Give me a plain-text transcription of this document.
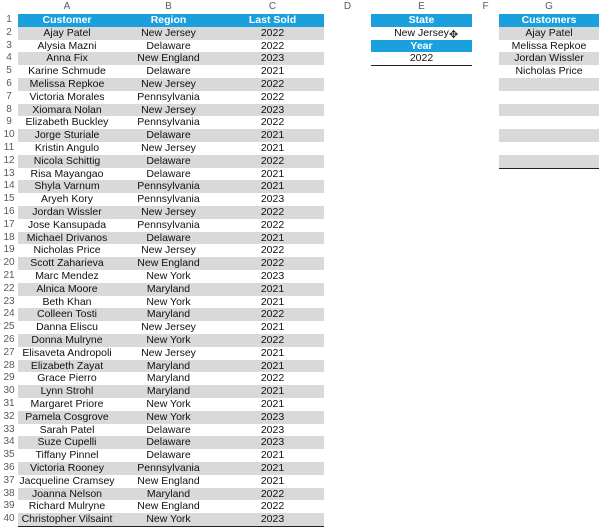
A	B	C	D	E	F	G
1
2
3
4
5
6
7
8
9
10
11
12
13
14
15
16
17
18
19
20
21
22
23
24
25
26
27
28
29
30
31
32
33
34
35
36
37
38
39
40
Customer	Region	Last Sold
Ajay Patel	New Jersey	2022
Alysia Mazni	Delaware	2022
Anna Fix	New England	2023
Karine Schmude	Delaware	2021
Melissa Repkoe	New Jersey	2022
Victoria Morales	Pennsylvania	2022
Xiomara Nolan	New Jersey	2023
Elizabeth Buckley	Pennsylvania	2022
Jorge Sturiale	Delaware	2021
Kristin Angulo	New Jersey	2021
Nicola Schittig	Delaware	2022
Risa Mayangao	Delaware	2021
Shyla Varnum	Pennsylvania	2021
Aryeh Kory	Pennsylvania	2023
Jordan Wissler	New Jersey	2022
Jose Kansupada	Pennsylvania	2022
Michael Drivanos	Delaware	2021
Nicholas Price	New Jersey	2022
Scott Zaharieva	New England	2022
Marc Mendez	New York	2023
Alnica Moore	Maryland	2021
Beth Khan	New York	2021
Colleen Tosti	Maryland	2022
Danna Eliscu	New Jersey	2021
Donna Mulryne	New York	2022
Elisaveta Andropoli	New Jersey	2021
Elizabeth Zayat	Maryland	2021
Grace Pierro	Maryland	2022
Lynn Strohl	Maryland	2021
Margaret Priore	New York	2021
Pamela Cosgrove	New York	2023
Sarah Patel	Delaware	2023
Suze Cupelli	Delaware	2023
Tiffany Pinnel	Delaware	2021
Victoria Rooney	Pennsylvania	2021
Jacqueline Cramsey	New England	2021
Joanna Nelson	Maryland	2022
Richard Mulryne	New England	2022
Christopher Vilsaint	New York	2023
State
New Jersey
Year
2022
Customers
Ajay Patel
Melissa Repkoe
Jordan Wissler
Nicholas Price
✥
